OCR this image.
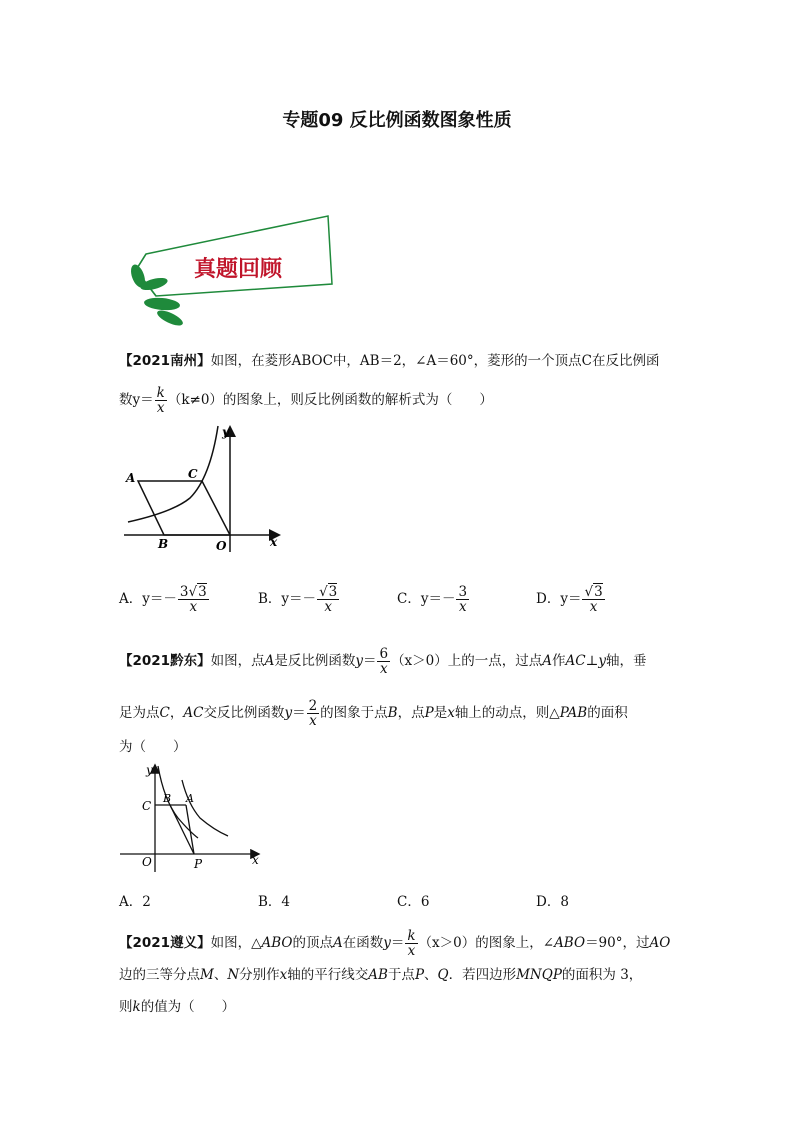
专题09 反比例函数图象性质
真题回顾
【2021南州】如图，在菱形ABOC中，AB＝2，∠A＝60°，菱形的一个顶点C在反比例函
数$y= \frac{k}{x} (k\ne 0)$的图象上，则反比例函数的解析式为（　　）
A	C
B	O	x
y
A．$y=- \frac{3√3}{x}$	B．$y=- \frac{√3}{x}$	C．$y=- \frac{3}{x}$	D．$y= \frac{√3}{x}$
【2021黔东】如图，点A是反比例函数$y= \frac{6}{x} (x>0)$上的一点，过点A作AC⊥y轴，垂
足为点C，AC交反比例函数$y= \frac{2}{x}$ 的图象于点B，点P是x轴上的动点，则△PAB的面积
为（　　）
y
C
B A
O	P	x
A．2	B．4	C．6	D．8
【2021遵义】如图，△ABO的顶点A在函数$y= \frac{k}{x} (x>0)$的图象上，∠ABO＝90°，过AO
边的三等分点M、N分别作x轴的平行线交AB于点P、Q．若四边形MNQP的面积为 3，
则k的值为（　　）
